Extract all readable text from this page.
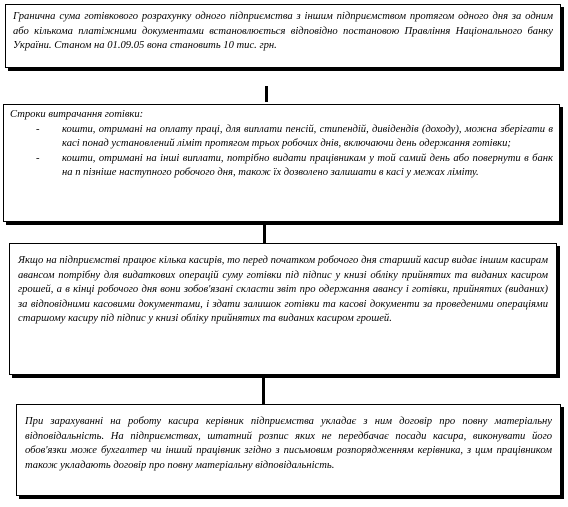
Гранична сума готівкового розрахунку одного підприємства з іншим підприємством протягом одного дня за одним або кількома платіжними документами встановлюється відповідно постановою Правління Національного банку України. Станом на 01.09.05 вона становить 10 тис. грн.

Строки витрачання готівки:

- кошти, отримані на оплату праці, для виплати пенсій, стипендій, дивідендів (доходу), можна зберігати в касі понад установлений ліміт протягом трьох робочих днів, включаючи день одержання готівки;
- кошти, отримані на інші виплати, потрібно видати працівникам у той самий день або повернути в банк на п пізніше наступного робочого дня, також їх дозволено залишати в касі у межах ліміту.

Якщо на підприємстві працює кілька касирів, то перед початком робочого дня старший касир видає іншим касирам авансом потрібну для видаткових операцій суму готівки під підпис у книзі обліку прийнятих та виданих касиром грошей, а в кінці робочого дня вони зобов'язані скласти звіт про одержання авансу і готівки, прийнятих (виданих) за відповідними касовими документами, і здати залишок готівки та касові документи за проведеними операціями старшому касиру під підпис у книзі обліку прийнятих та виданих касиром грошей.

При зарахуванні на роботу касира керівник підприємства укладає з ним договір про повну матеріальну відповідальність. На підприємствах, штатний розпис яких не передбачає посади касира, виконувати його обов'язки може бухгалтер чи інший працівник згідно з письмовим розпорядженням керівника, з цим працівником також укладають договір про повну матеріальну відповідальність.
